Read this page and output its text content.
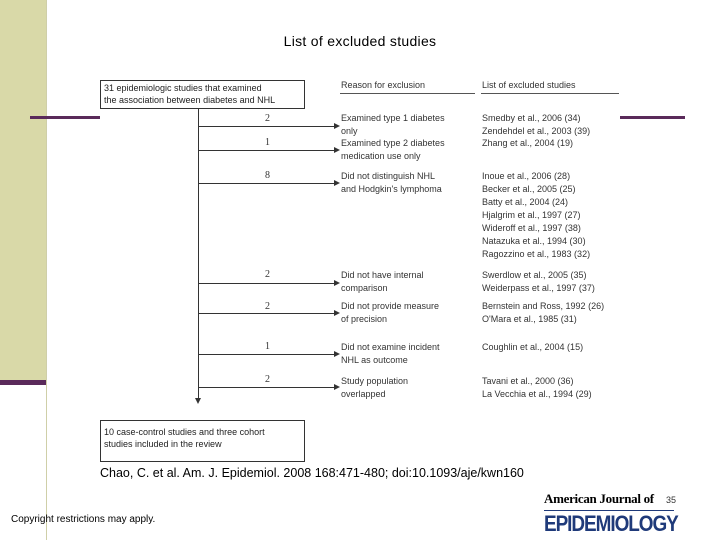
List of excluded studies
31 epidemiologic studies that examined
the association between diabetes and NHL
Reason for exclusion	List of excluded studies
2	Examined type 1 diabetes
only
Smedby et al., 2006 (34)
Zendehdel et al., 2003 (39)
1	Examined type 2 diabetes
medication use only
Zhang et al., 2004 (19)
8	Did not distinguish NHL
and Hodgkin's lymphoma
Inoue et al., 2006 (28)
Becker et al., 2005 (25)
Batty et al., 2004 (24)
Hjalgrim et al., 1997 (27)
Wideroff et al., 1997 (38)
Natazuka et al., 1994 (30)
Ragozzino et al., 1983 (32)
2	Did not have internal
comparison
Swerdlow et al., 2005 (35)
Weiderpass et al., 1997 (37)
2	Did not provide measure
of precision
Bernstein and Ross, 1992 (26)
O'Mara et al., 1985 (31)
1	Did not examine incident
NHL as outcome
Coughlin et al., 2004 (15)
2	Study population
overlapped
Tavani et al., 2000 (36)
La Vecchia et al., 1994 (29)
10 case-control studies and three cohort
studies included in the review
Chao, C. et al. Am. J. Epidemiol. 2008 168:471-480; doi:10.1093/aje/kwn160
American Journal of
EPIDEMIOLOGY
35
Copyright restrictions may apply.
